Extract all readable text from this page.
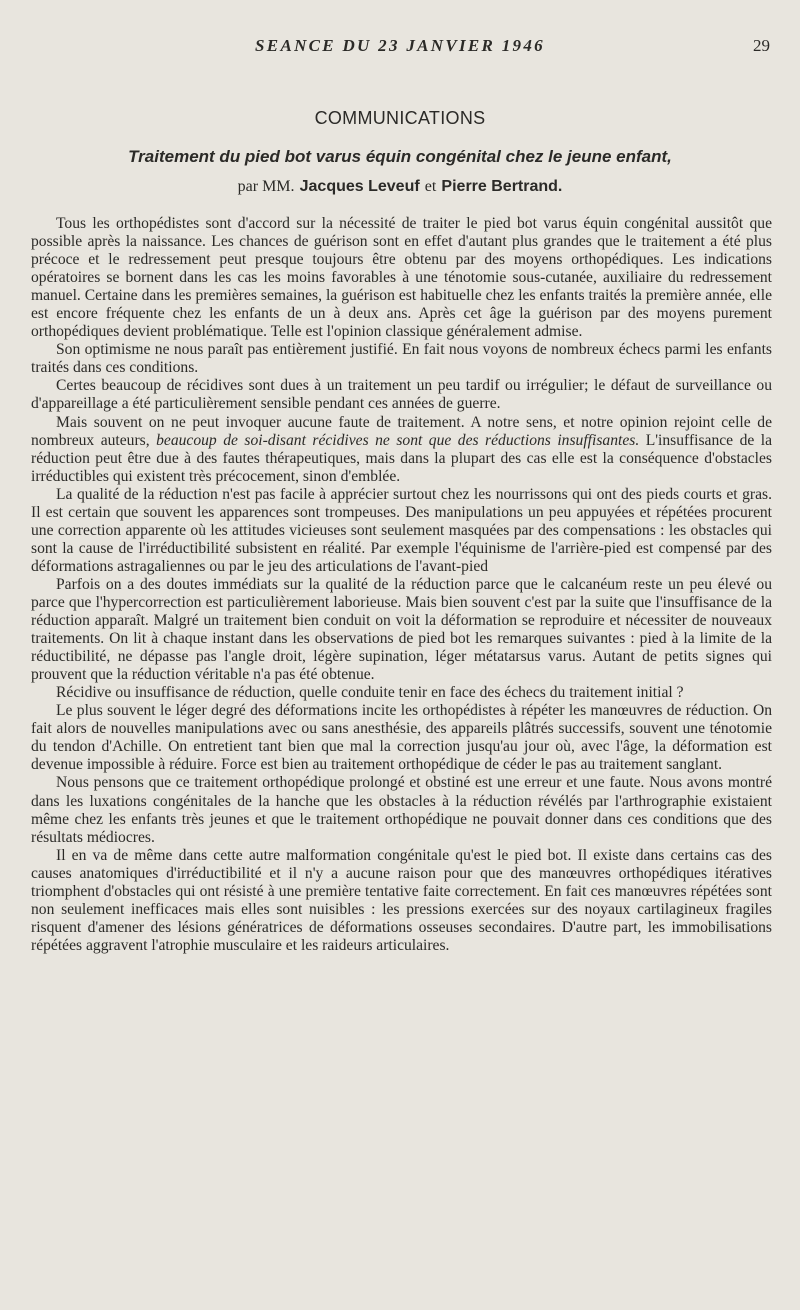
SEANCE DU 23 JANVIER 1946	29
COMMUNICATIONS
Traitement du pied bot varus équin congénital chez le jeune enfant,
par MM. Jacques Leveuf et Pierre Bertrand.

Tous les orthopédistes sont d'accord sur la nécessité de traiter le pied bot varus équin congénital aussitôt que possible après la naissance. Les chances de guérison sont en effet d'autant plus grandes que le traitement a été plus précoce et le redressement peut presque toujours être obtenu par des moyens orthopédiques. Les indications opératoires se bornent dans les cas les moins favorables à une ténotomie sous-cutanée, auxiliaire du redressement manuel. Certaine dans les premières semaines, la guérison est habituelle chez les enfants traités la première année, elle est encore fréquente chez les enfants de un à deux ans. Après cet âge la guérison par des moyens purement orthopédiques devient problématique. Telle est l'opinion classique généralement admise.

Son optimisme ne nous paraît pas entièrement justifié. En fait nous voyons de nombreux échecs parmi les enfants traités dans ces conditions.

Certes beaucoup de récidives sont dues à un traitement un peu tardif ou irrégulier; le défaut de surveillance ou d'appareillage a été particulièrement sensible pendant ces années de guerre.

Mais souvent on ne peut invoquer aucune faute de traitement. A notre sens, et notre opinion rejoint celle de nombreux auteurs, beaucoup de soi-disant récidives ne sont que des réductions insuffisantes. L'insuffisance de la réduction peut être due à des fautes thérapeutiques, mais dans la plupart des cas elle est la conséquence d'obstacles irréductibles qui existent très précocement, sinon d'emblée.

La qualité de la réduction n'est pas facile à apprécier surtout chez les nourrissons qui ont des pieds courts et gras. Il est certain que souvent les apparences sont trompeuses. Des manipulations un peu appuyées et répétées procurent une correction apparente où les attitudes vicieuses sont seulement masquées par des compensations : les obstacles qui sont la cause de l'irréductibilité subsistent en réalité. Par exemple l'équinisme de l'arrière-pied est compensé par des déformations astragaliennes ou par le jeu des articulations de l'avant-pied

Parfois on a des doutes immédiats sur la qualité de la réduction parce que le calcanéum reste un peu élevé ou parce que l'hypercorrection est particulièrement laborieuse. Mais bien souvent c'est par la suite que l'insuffisance de la réduction apparaît. Malgré un traitement bien conduit on voit la déformation se reproduire et nécessiter de nouveaux traitements. On lit à chaque instant dans les observations de pied bot les remarques suivantes : pied à la limite de la réductibilité, ne dépasse pas l'angle droit, légère supination, léger métatarsus varus. Autant de petits signes qui prouvent que la réduction véritable n'a pas été obtenue.

Récidive ou insuffisance de réduction, quelle conduite tenir en face des échecs du traitement initial ?

Le plus souvent le léger degré des déformations incite les orthopédistes à répéter les manœuvres de réduction. On fait alors de nouvelles manipulations avec ou sans anesthésie, des appareils plâtrés successifs, souvent une ténotomie du tendon d'Achille. On entretient tant bien que mal la correction jusqu'au jour où, avec l'âge, la déformation est devenue impossible à réduire. Force est bien au traitement orthopédique de céder le pas au traitement sanglant.

Nous pensons que ce traitement orthopédique prolongé et obstiné est une erreur et une faute. Nous avons montré dans les luxations congénitales de la hanche que les obstacles à la réduction révélés par l'arthrographie existaient même chez les enfants très jeunes et que le traitement orthopédique ne pouvait donner dans ces conditions que des résultats médiocres.

Il en va de même dans cette autre malformation congénitale qu'est le pied bot. Il existe dans certains cas des causes anatomiques d'irréductibilité et il n'y a aucune raison pour que des manœuvres orthopédiques itératives triomphent d'obstacles qui ont résisté à une première tentative faite correctement. En fait ces manœuvres répétées sont non seulement inefficaces mais elles sont nuisibles : les pressions exercées sur des noyaux cartilagineux fragiles risquent d'amener des lésions génératrices de déformations osseuses secondaires. D'autre part, les immobilisations répétées aggravent l'atrophie musculaire et les raideurs articulaires.
